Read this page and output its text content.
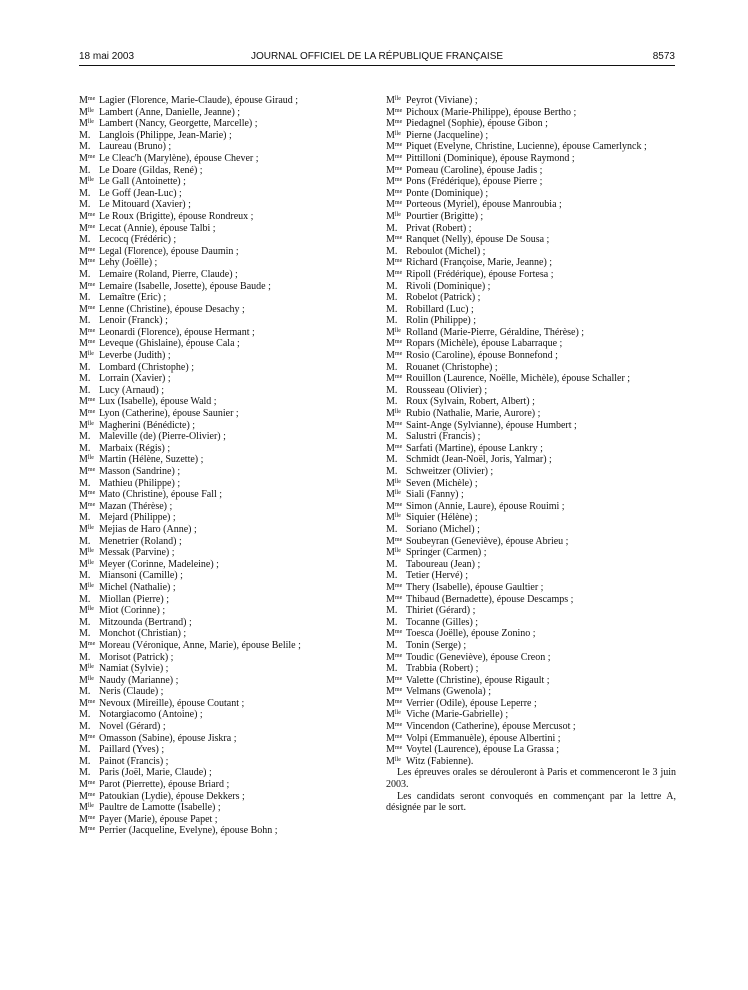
18 mai 2003	JOURNAL OFFICIEL DE LA RÉPUBLIQUE FRANÇAISE	8573
$M^{me}$ Lagier (Florence, Marie-Claude), épouse Giraud ;
$M^{lle}$ Lambert (Anne, Danielle, Jeanne) ;
$M^{lle}$ Lambert (Nancy, Georgette, Marcelle) ;
M. Langlois (Philippe, Jean-Marie) ;
M. Laureau (Bruno) ;
$M^{me}$ Le Cleac'h (Marylène), épouse Chever ;
M. Le Doare (Gildas, René) ;
$M^{lle}$ Le Gall (Antoinette) ;
M. Le Goff (Jean-Luc) ;
M. Le Mitouard (Xavier) ;
$M^{me}$ Le Roux (Brigitte), épouse Rondreux ;
$M^{me}$ Lecat (Annie), épouse Talbi ;
M. Lecocq (Frédéric) ;
$M^{me}$ Legal (Florence), épouse Daumin ;
$M^{me}$ Lehy (Joëlle) ;
M. Lemaire (Roland, Pierre, Claude) ;
$M^{me}$ Lemaire (Isabelle, Josette), épouse Baude ;
M. Lemaître (Eric) ;
$M^{me}$ Lenne (Christine), épouse Desachy ;
M. Lenoir (Franck) ;
$M^{me}$ Leonardi (Florence), épouse Hermant ;
$M^{me}$ Leveque (Ghislaine), épouse Cala ;
$M^{lle}$ Leverbe (Judith) ;
M. Lombard (Christophe) ;
M. Lorrain (Xavier) ;
M. Lucy (Arnaud) ;
$M^{me}$ Lux (Isabelle), épouse Wald ;
$M^{me}$ Lyon (Catherine), épouse Saunier ;
$M^{lle}$ Magherini (Bénédicte) ;
M. Maleville (de) (Pierre-Olivier) ;
M. Marbaix (Régis) ;
$M^{lle}$ Martin (Hélène, Suzette) ;
$M^{me}$ Masson (Sandrine) ;
M. Mathieu (Philippe) ;
$M^{me}$ Mato (Christine), épouse Fall ;
$M^{me}$ Mazan (Thérèse) ;
M. Mejard (Philippe) ;
$M^{lle}$ Mejias de Haro (Anne) ;
M. Menetrier (Roland) ;
$M^{lle}$ Messak (Parvine) ;
$M^{lle}$ Meyer (Corinne, Madeleine) ;
M. Miansoni (Camille) ;
$M^{lle}$ Michel (Nathalie) ;
M. Miollan (Pierre) ;
$M^{lle}$ Miot (Corinne) ;
M. Mitzounda (Bertrand) ;
M. Monchot (Christian) ;
$M^{me}$ Moreau (Véronique, Anne, Marie), épouse Belile ;
M. Morisot (Patrick) ;
$M^{lle}$ Namiat (Sylvie) ;
$M^{lle}$ Naudy (Marianne) ;
M. Neris (Claude) ;
$M^{me}$ Nevoux (Mireille), épouse Coutant ;
M. Notargiacomo (Antoine) ;
M. Novel (Gérard) ;
$M^{me}$ Omasson (Sabine), épouse Jiskra ;
M. Paillard (Yves) ;
M. Painot (Francis) ;
M. Paris (Joël, Marie, Claude) ;
$M^{me}$ Parot (Pierrette), épouse Briard ;
$M^{me}$ Patoukian (Lydie), épouse Dekkers ;
$M^{lle}$ Paultre de Lamotte (Isabelle) ;
$M^{me}$ Payer (Marie), épouse Papet ;
$M^{me}$ Perrier (Jacqueline, Evelyne), épouse Bohn ;
$M^{lle}$ Peyrot (Viviane) ;
$M^{me}$ Pichoux (Marie-Philippe), épouse Bertho ;
$M^{me}$ Piedagnel (Sophie), épouse Gibon ;
$M^{lle}$ Pierne (Jacqueline) ;
$M^{me}$ Piquet (Evelyne, Christine, Lucienne), épouse Camerlynck ;
$M^{me}$ Pittilloni (Dominique), épouse Raymond ;
$M^{me}$ Pomeau (Caroline), épouse Jadis ;
$M^{me}$ Pons (Frédérique), épouse Pierre ;
$M^{me}$ Ponte (Dominique) ;
$M^{me}$ Porteous (Myriel), épouse Manroubia ;
$M^{lle}$ Pourtier (Brigitte) ;
M. Privat (Robert) ;
$M^{me}$ Ranquet (Nelly), épouse De Sousa ;
M. Reboulot (Michel) ;
$M^{me}$ Richard (Françoise, Marie, Jeanne) ;
$M^{me}$ Ripoll (Frédérique), épouse Fortesa ;
M. Rivoli (Dominique) ;
M. Robelot (Patrick) ;
M. Robillard (Luc) ;
M. Rolin (Philippe) ;
$M^{lle}$ Rolland (Marie-Pierre, Géraldine, Thérèse) ;
$M^{me}$ Ropars (Michèle), épouse Labarraque ;
$M^{me}$ Rosio (Caroline), épouse Bonnefond ;
M. Rouanet (Christophe) ;
$M^{me}$ Rouillon (Laurence, Noëlle, Michèle), épouse Schaller ;
M. Rousseau (Olivier) ;
M. Roux (Sylvain, Robert, Albert) ;
$M^{lle}$ Rubio (Nathalie, Marie, Aurore) ;
$M^{me}$ Saint-Ange (Sylvianne), épouse Humbert ;
M. Salustri (Francis) ;
$M^{me}$ Sarfati (Martine), épouse Lankry ;
M. Schmidt (Jean-Noël, Joris, Yalmar) ;
M. Schweitzer (Olivier) ;
$M^{lle}$ Seven (Michèle) ;
$M^{lle}$ Siali (Fanny) ;
$M^{me}$ Simon (Annie, Laure), épouse Rouimi ;
$M^{lle}$ Siquier (Hélène) ;
M. Soriano (Michel) ;
$M^{me}$ Soubeyran (Geneviève), épouse Abrieu ;
$M^{lle}$ Springer (Carmen) ;
M. Taboureau (Jean) ;
M. Tetier (Hervé) ;
$M^{me}$ Thery (Isabelle), épouse Gaultier ;
$M^{me}$ Thibaud (Bernadette), épouse Descamps ;
M. Thiriet (Gérard) ;
M. Tocanne (Gilles) ;
$M^{me}$ Toesca (Joëlle), épouse Zonino ;
M. Tonin (Serge) ;
$M^{me}$ Toudic (Geneviève), épouse Creon ;
M. Trabbia (Robert) ;
$M^{me}$ Valette (Christine), épouse Rigault ;
$M^{me}$ Velmans (Gwenola) ;
$M^{me}$ Verrier (Odile), épouse Leperre ;
$M^{lle}$ Viche (Marie-Gabrielle) ;
$M^{me}$ Vincendon (Catherine), épouse Mercusot ;
$M^{me}$ Volpi (Emmanuèle), épouse Albertini ;
$M^{me}$ Voytel (Laurence), épouse La Grassa ;
$M^{lle}$ Witz (Fabienne).

Les épreuves orales se dérouleront à Paris et commenceront le 3 juin 2003.

Les candidats seront convoqués en commençant par la lettre A, désignée par le sort.
